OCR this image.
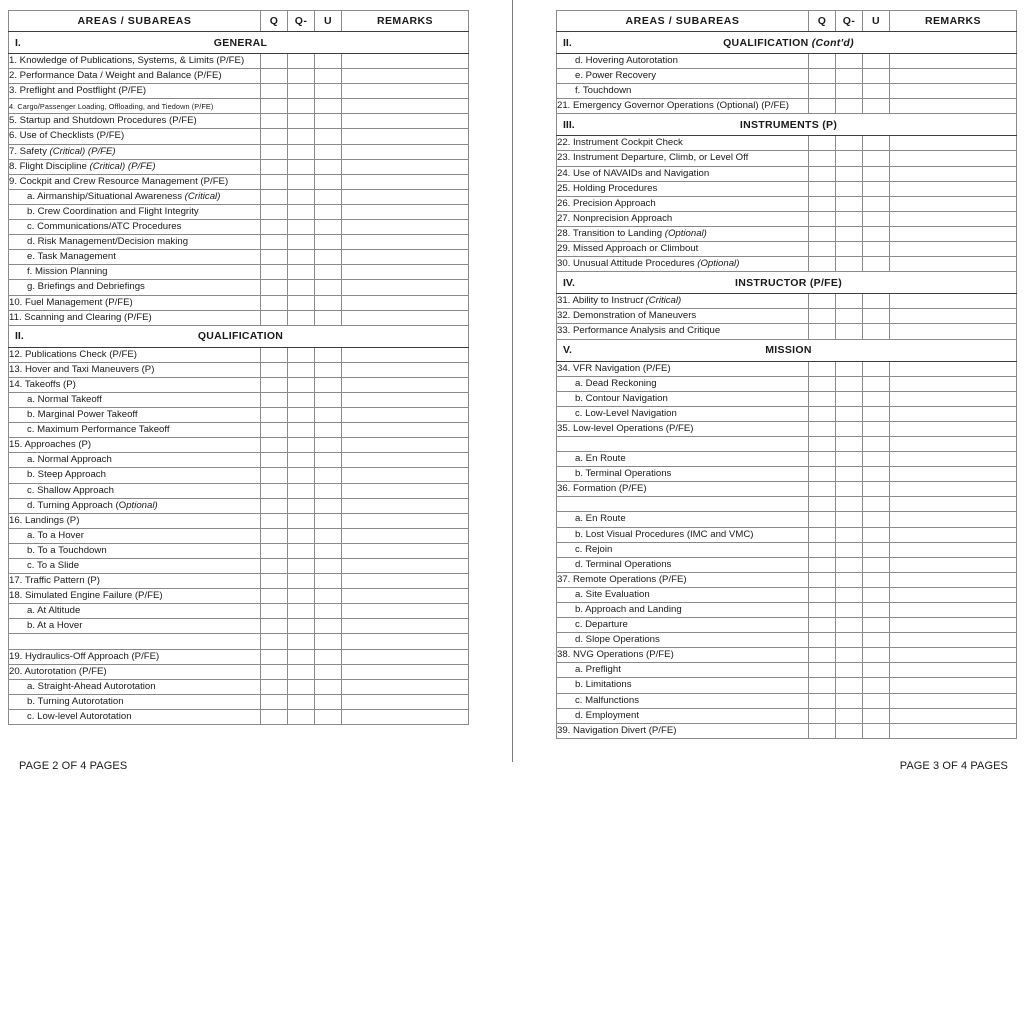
AREAS / SUBAREAS	Q	Q-	U	REMARKS

I. GENERAL				

1. Knowledge of Publications, Systems, & Limits (P/FE)				
2. Performance Data / Weight and Balance (P/FE)				
3. Preflight and Postflight (P/FE)				
4. Cargo/Passenger Loading, Offloading, and Tiedown (P/FE)				
5. Startup and Shutdown Procedures (P/FE)				
6. Use of Checklists (P/FE)				
7. Safety (Critical) (P/FE)				
8. Flight Discipline (Critical) (P/FE)				
9. Cockpit and Crew Resource Management (P/FE)				
a. Airmanship/Situational Awareness (Critical)				
b. Crew Coordination and Flight Integrity				
c. Communications/ATC Procedures				
d. Risk Management/Decision making				
e. Task Management				
f. Mission Planning				
g. Briefings and Debriefings				
10. Fuel Management (P/FE)				
11. Scanning and Clearing (P/FE)				

II. QUALIFICATION				

12. Publications Check (P/FE)				
13. Hover and Taxi Maneuvers (P)				
14. Takeoffs (P)				
a. Normal Takeoff				
b. Marginal Power Takeoff				
c. Maximum Performance Takeoff				
15. Approaches (P)				
a. Normal Approach				
b. Steep Approach				
c. Shallow Approach				
d. Turning Approach (Optional)				
16. Landings (P)				
a. To a Hover				
b. To a Touchdown				
c. To a Slide				
17. Traffic Pattern (P)				
18. Simulated Engine Failure (P/FE)				
a. At Altitude				
b. At a Hover				

19. Hydraulics-Off Approach (P/FE)				
20. Autorotation (P/FE)				
a. Straight-Ahead Autorotation				
b. Turning Autorotation				
c. Low-level Autorotation				
PAGE 2 OF 4 PAGES
AREAS / SUBAREAS	Q	Q-	U	REMARKS

II. QUALIFICATION (Cont'd)				

d. Hovering Autorotation				
e. Power Recovery				
f. Touchdown				
21. Emergency Governor Operations (Optional) (P/FE)				

III. INSTRUMENTS (P)				

22. Instrument Cockpit Check				
23. Instrument Departure, Climb, or Level Off				
24. Use of NAVAIDs and Navigation				
25. Holding Procedures				
26. Precision Approach				
27. Nonprecision Approach				
28. Transition to Landing (Optional)				
29. Missed Approach or Climbout				
30. Unusual Attitude Procedures (Optional)				

IV. INSTRUCTOR (P/FE)				

31. Ability to Instruct (Critical)				
32. Demonstration of Maneuvers				
33. Performance Analysis and Critique				

V. MISSION				

34. VFR Navigation (P/FE)				
a. Dead Reckoning				
b. Contour Navigation				
c. Low-Level Navigation				
35. Low-level Operations (P/FE)				

a. En Route				
b. Terminal Operations				
36. Formation (P/FE)				

a. En Route				
b. Lost Visual Procedures (IMC and VMC)				
c. Rejoin				
d. Terminal Operations				
37. Remote Operations (P/FE)				
a. Site Evaluation				
b. Approach and Landing				
c. Departure				
d. Slope Operations				
38. NVG Operations (P/FE)				
a. Preflight				
b. Limitations				
c. Malfunctions				
d. Employment				
39. Navigation Divert (P/FE)				
PAGE 3 OF 4 PAGES
